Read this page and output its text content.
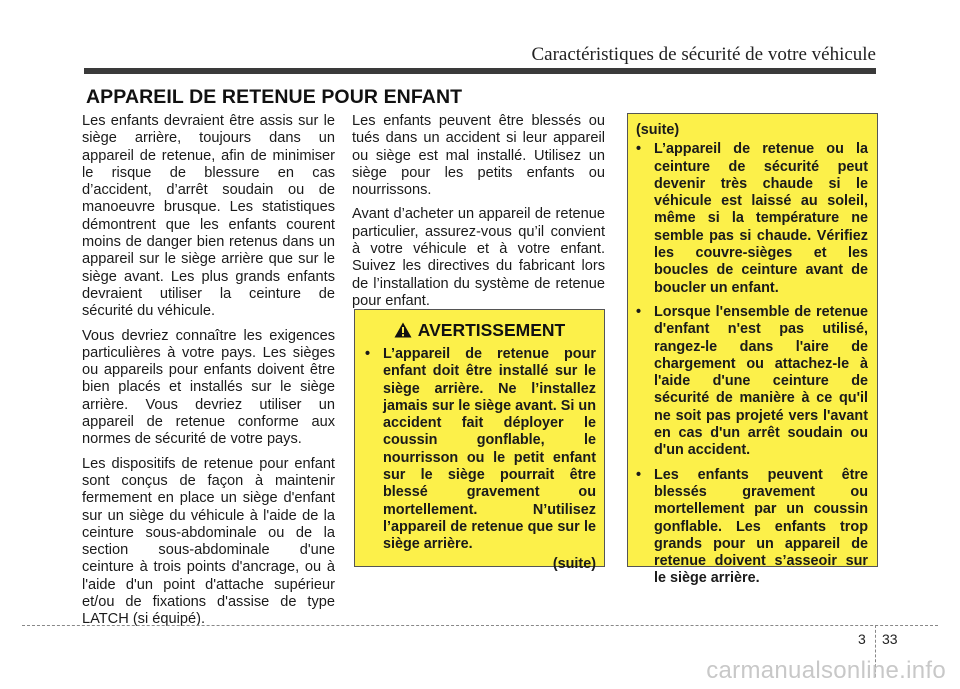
Caractéristiques de sécurité de votre véhicule
APPAREIL DE RETENUE POUR ENFANT

Les enfants devraient être assis sur le siège arrière, toujours dans un appareil de retenue, afin de minimiser le risque de blessure en cas d’accident, d’arrêt soudain ou de manoeuvre brusque. Les statistiques démontrent que les enfants courent moins de danger bien retenus dans un appareil sur le siège arrière que sur le siège avant. Les plus grands enfants devraient utiliser la ceinture de sécurité du véhicule.

Vous devriez connaître les exigences particulières à votre pays. Les sièges ou appareils pour enfants doivent être bien placés et installés sur le siège arrière. Vous devriez utiliser un appareil de retenue conforme aux normes de sécurité de votre pays.

Les dispositifs de retenue pour enfant sont conçus de façon à maintenir fermement en place un siège d'enfant sur un siège du véhicule à l'aide de la ceinture sous-abdominale ou de la section sous-abdominale d'une ceinture à trois points d'ancrage, ou à l'aide d'un point d'attache supérieur et/ou de fixations d'assise de type LATCH (si équipé).

Les enfants peuvent être blessés ou tués dans un accident si leur appareil ou siège est mal installé. Utilisez un siège pour les petits enfants ou nourrissons.

Avant d’acheter un appareil de retenue particulier, assurez-vous qu’il convient à votre véhicule et à votre enfant. Suivez les directives du fabricant lors de l’installation du système de retenue pour enfant.

AVERTISSEMENT
• L’appareil de retenue pour enfant doit être installé sur le siège arrière. Ne l’installez jamais sur le siège avant. Si un accident fait déployer le coussin gonflable, le nourrisson ou le petit enfant sur le siège pourrait être blessé gravement ou mortellement. N’utilisez l’appareil de retenue que sur le siège arrière.
(suite)
(suite)
• L’appareil de retenue ou la ceinture de sécurité peut devenir très chaude si le véhicule est laissé au soleil, même si la température ne semble pas si chaude. Vérifiez les couvre-sièges et les boucles de ceinture avant de boucler un enfant.
• Lorsque l'ensemble de retenue d'enfant n'est pas utilisé, rangez-le dans l'aire de chargement ou attachez-le à l'aide d'une ceinture de sécurité de manière à ce qu'il ne soit pas projeté vers l'avant en cas d'un arrêt soudain ou d'un accident.
• Les enfants peuvent être blessés gravement ou mortellement par un coussin gonflable. Les enfants trop grands pour un appareil de retenue doivent s’asseoir sur le siège arrière.
3 33
carmanualsonline.info
